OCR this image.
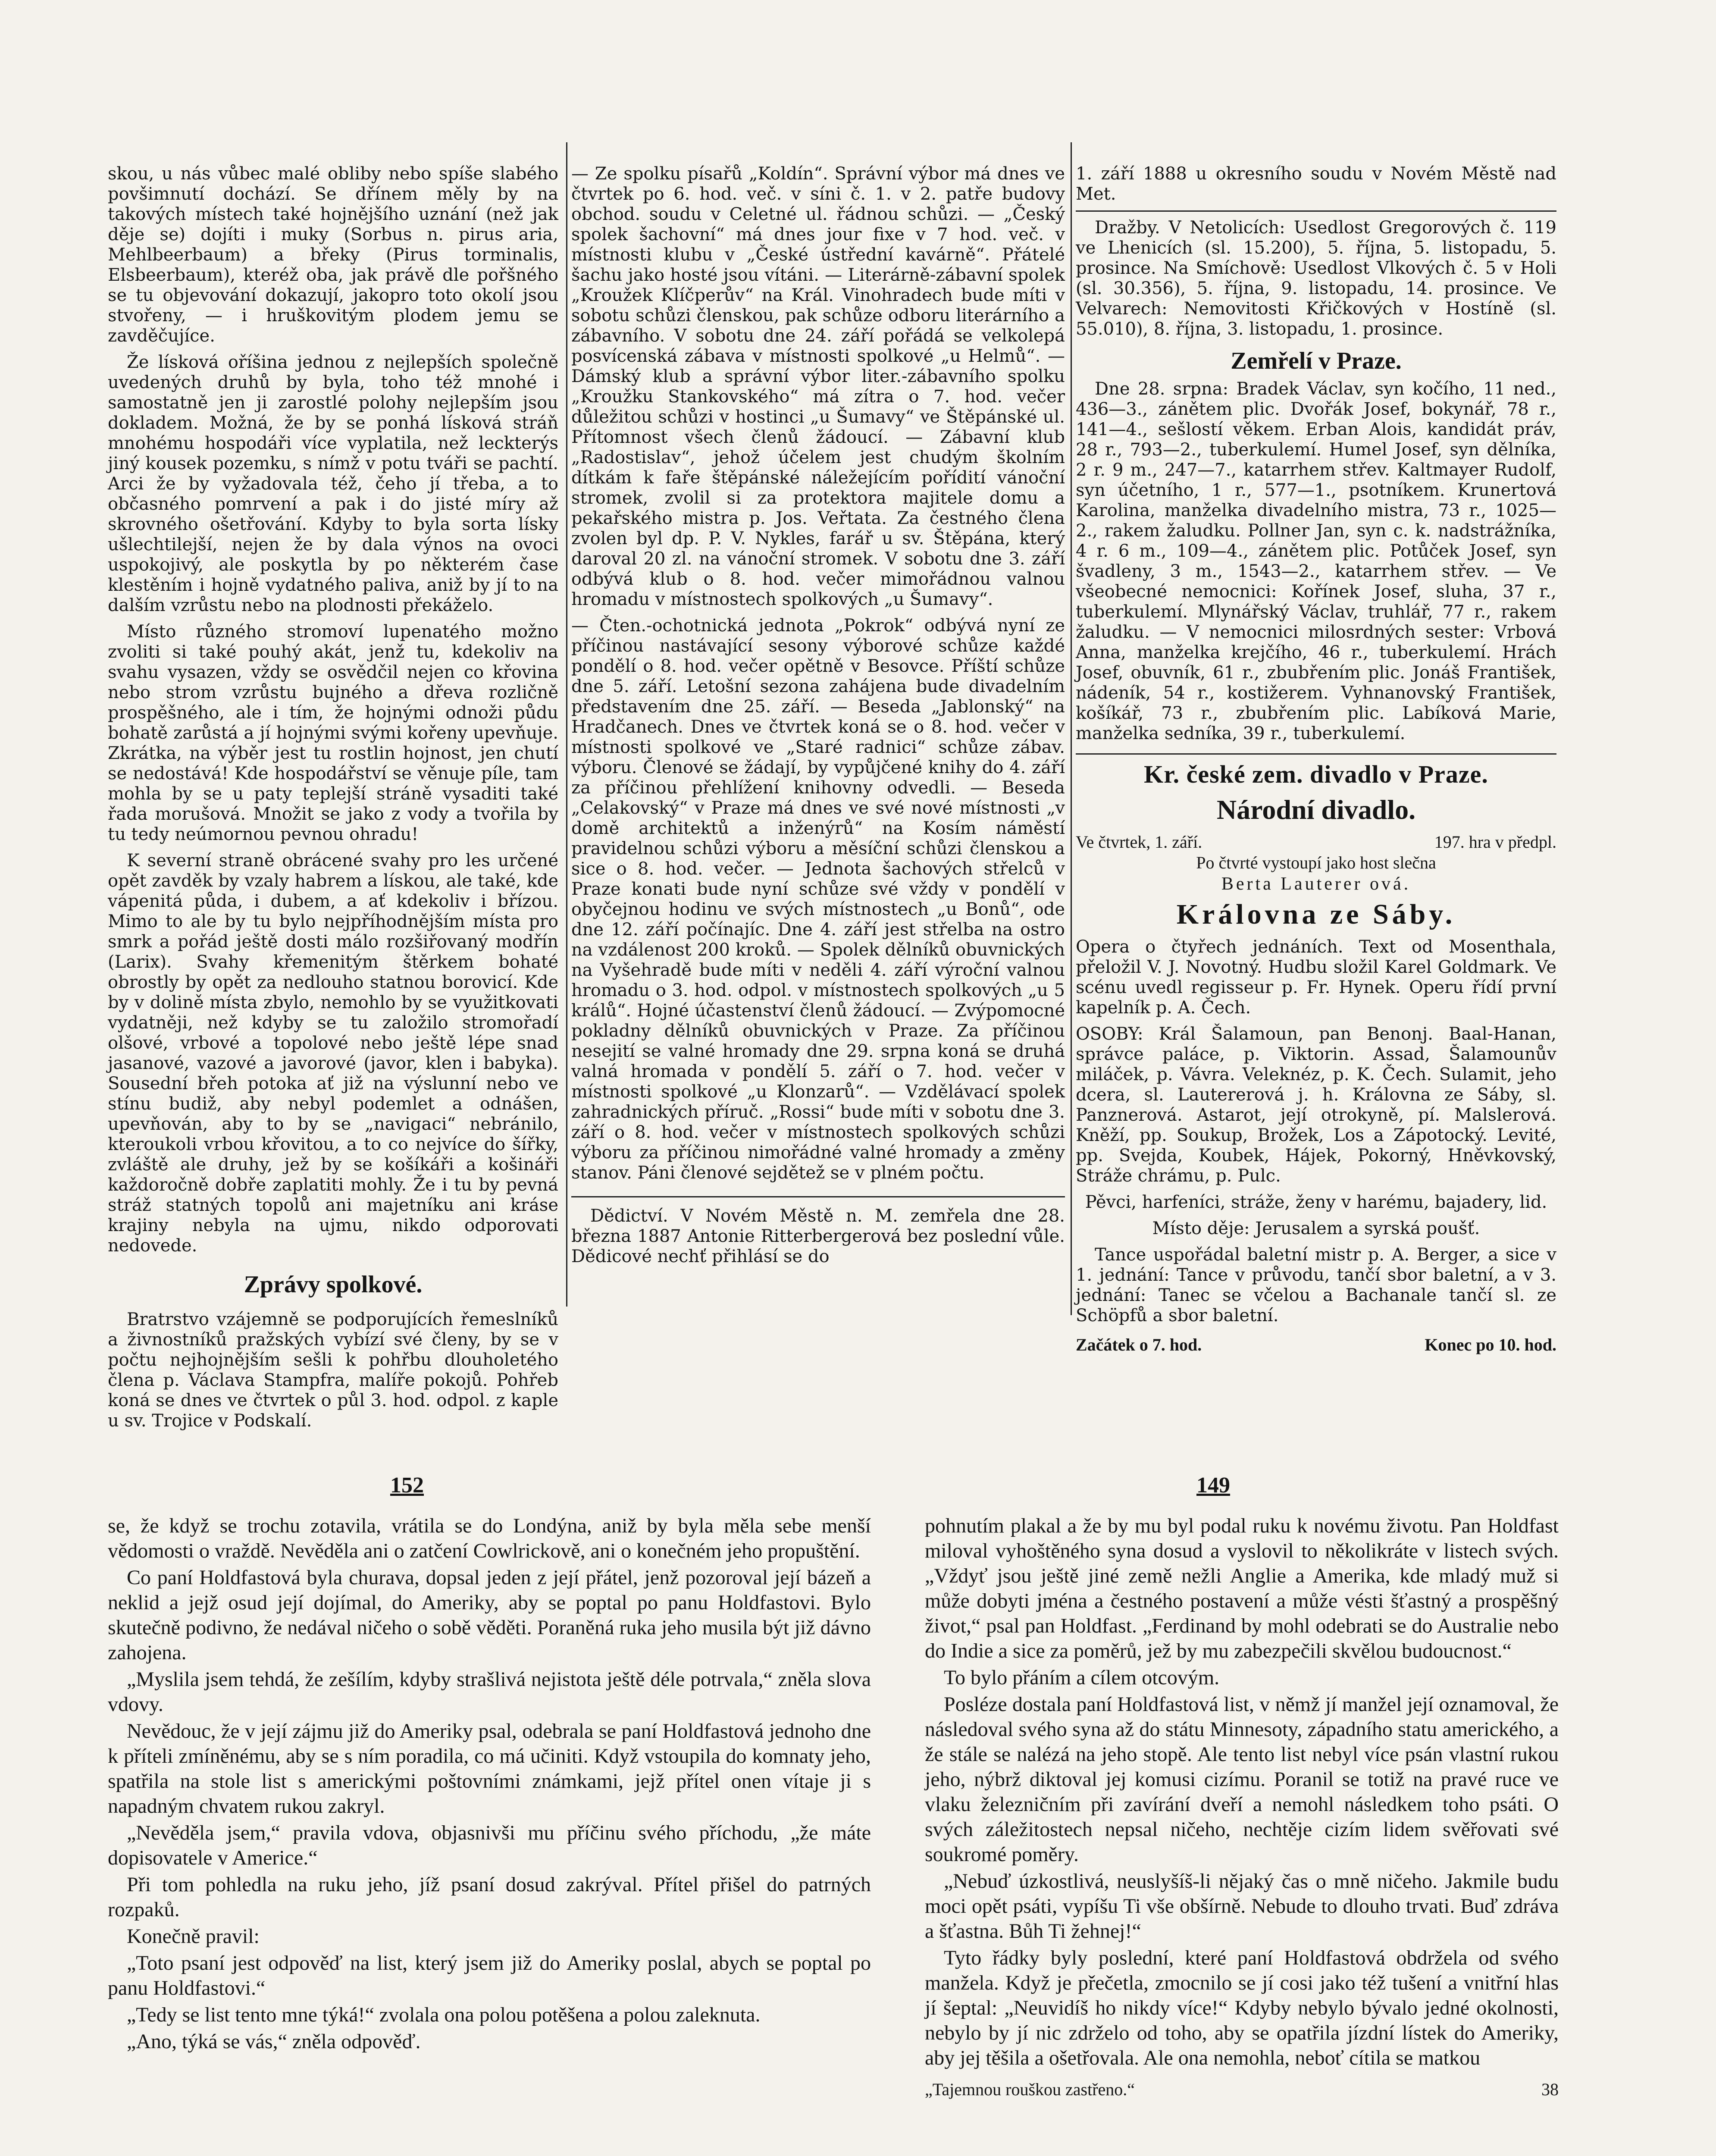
skou, u nás vůbec malé obliby nebo spíše slabého povšimnutí dochází. Se dřínem měly by na takových místech také hojnějšího uznání (než jak děje se) dojíti i muky (Sorbus n. pirus aria, Mehlbeerbaum) a břeky (Pirus torminalis, Elsbeerbaum), kteréž oba, jak právě dle pořšného se tu objevování dokazují, jakopro toto okolí jsou stvořeny, — i hruškovitým plodem jemu se zavděčujíce.

Že lísková oříšina jednou z nejlepších společně uvedených druhů by byla, toho též mnohé i samostatně jen ji zarostlé polohy nejlepším jsou dokladem. Možná, že by se ponhá lísková stráň mnohému hospodáři více vyplatila, než leckterýs jiný kousek pozemku, s nímž v potu tváři se pachtí. Arci že by vyžadovala též, čeho jí třeba, a to občasného pomrvení a pak i do jisté míry až skrovného ošetřování. Kdyby to byla sorta lísky ušlechtilejší, nejen že by dala výnos na ovoci uspokojivý, ale poskytla by po některém čase klestěním i hojně vydatného paliva, aniž by jí to na dalším vzrůstu nebo na plodnosti překáželo.

Místo různého stromoví lupenatého možno zvoliti si také pouhý akát, jenž tu, kdekoliv na svahu vysazen, vždy se osvědčil nejen co křovina nebo strom vzrůstu bujného a dřeva rozličně prospěšného, ale i tím, že hojnými odnoži půdu bohatě zarůstá a jí hojnými svými kořeny upevňuje. Zkrátka, na výběr jest tu rostlin hojnost, jen chutí se nedostává! Kde hospodářství se věnuje píle, tam mohla by se u paty teplejší stráně vysaditi také řada morušová. Množit se jako z vody a tvořila by tu tedy neúmornou pevnou ohradu!

K severní straně obrácené svahy pro les určené opět zavděk by vzaly habrem a lískou, ale také, kde vápenitá půda, i dubem, a ať kdekoliv i břízou. Mimo to ale by tu bylo nejpříhodnějším místa pro smrk a pořád ještě dosti málo rozšiřovaný modřín (Larix). Svahy křemenitým štěrkem bohaté obrostly by opět za nedlouho statnou borovicí. Kde by v dolině místa zbylo, nemohlo by se využitkovati vydatněji, než kdyby se tu založilo stromořadí olšové, vrbové a topolové nebo ještě lépe snad jasanové, vazové a javorové (javor, klen i babyka). Sousední břeh potoka ať již na výslunní nebo ve stínu budiž, aby nebyl podemlet a odnášen, upevňován, aby to by se „navigaci“ nebránilo, kteroukoli vrbou křovitou, a to co nejvíce do šířky, zvláště ale druhy, jež by se košíkáři a košináři každoročně dobře zaplatiti mohly. Že i tu by pevná stráž statných topolů ani majetníku ani kráse krajiny nebyla na ujmu, nikdo odporovati nedovede.

Zprávy spolkové.

Bratrstvo vzájemně se podporujících řemeslníků a živnostníků pražských vybízí své členy, by se v počtu nejhojnějším sešli k pohřbu dlouholetého člena p. Václava Stampfra, malíře pokojů. Pohřeb koná se dnes ve čtvrtek o půl 3. hod. odpol. z kaple u sv. Trojice v Podskalí.

— Ze spolku písařů „Koldín“. Správní výbor má dnes ve čtvrtek po 6. hod. več. v síni č. 1. v 2. patře budovy obchod. soudu v Celetné ul. řádnou schůzi. — „Český spolek šachovní“ má dnes jour fixe v 7 hod. več. v místnosti klubu v „České ústřední kavárně“. Přátelé šachu jako hosté jsou vítáni. — Literárně-zábavní spolek „Kroužek Klíčperův“ na Král. Vinohradech bude míti v sobotu schůzi členskou, pak schůze odboru literárního a zábavního. V sobotu dne 24. září pořádá se velkolepá posvícenská zábava v místnosti spolkové „u Helmů“. — Dámský klub a správní výbor liter.-zábavního spolku „Kroužku Stankovského“ má zítra o 7. hod. večer důležitou schůzi v hostinci „u Šumavy“ ve Štěpánské ul. Přítomnost všech členů žádoucí. — Zábavní klub „Radostislav“, jehož účelem jest chudým školním dítkám k faře štěpánské náležejícím pořídití vánoční stromek, zvolil si za protektora majitele domu a pekařského mistra p. Jos. Veřtata. Za čestného člena zvolen byl dp. P. V. Nykles, farář u sv. Štěpána, který daroval 20 zl. na vánoční stromek. V sobotu dne 3. září odbývá klub o 8. hod. večer mimořádnou valnou hromadu v místnostech spolkových „u Šumavy“.

— Čten.-ochotnická jednota „Pokrok“ odbývá nyní ze příčinou nastávající sesony výborové schůze každé pondělí o 8. hod. večer opětně v Besovce. Příští schůze dne 5. září. Letošní sezona zahájena bude divadelním představením dne 25. září. — Beseda „Jablonský“ na Hradčanech. Dnes ve čtvrtek koná se o 8. hod. večer v místnosti spolkové ve „Staré radnici“ schůze zábav. výboru. Členové se žádají, by vypůjčené knihy do 4. září za příčinou přehlížení knihovny odvedli. — Beseda „Celakovský“ v Praze má dnes ve své nové místnosti „v domě architektů a inženýrů“ na Kosím náměstí pravidelnou schůzi výboru a měsíční schůzi členskou a sice o 8. hod. večer. — Jednota šachových střelců v Praze konati bude nyní schůze své vždy v pondělí v obyčejnou hodinu ve svých místnostech „u Bonů“, ode dne 12. září počínajíc. Dne 4. září jest střelba na ostro na vzdálenost 200 kroků. — Spolek dělníků obuvnických na Vyšehradě bude míti v neděli 4. září výroční valnou hromadu o 3. hod. odpol. v místnostech spolkových „u 5 králů“. Hojné účastenství členů žádoucí. — Zvýpomocné pokladny dělníků obuvnických v Praze. Za příčinou nesejití se valné hromady dne 29. srpna koná se druhá valná hromada v pondělí 5. září o 7. hod. večer v místnosti spolkové „u Klonzarů“. — Vzdělávací spolek zahradnických příruč. „Rossi“ bude míti v sobotu dne 3. září o 8. hod. večer v místnostech spolkových schůzi výboru za příčinou nimořádné valné hromady a změny stanov. Páni členové sejdětež se v plném počtu.

Dědictví. V Novém Městě n. M. zemřela dne 28. března 1887 Antonie Ritterbergerová bez poslední vůle. Dědicové nechť přihlásí se do

1. září 1888 u okresního soudu v Novém Městě nad Met.

Dražby. V Netolicích: Usedlost Gregorových č. 119 ve Lhenicích (sl. 15.200), 5. října, 5. listopadu, 5. prosince. Na Smíchově: Usedlost Vlkových č. 5 v Holi (sl. 30.356), 5. října, 9. listopadu, 14. prosince. Ve Velvarech: Nemovitosti Křičkových v Hostíně (sl. 55.010), 8. října, 3. listopadu, 1. prosince.

Zemřelí v Praze.

Dne 28. srpna: Bradek Václav, syn kočího, 11 ned., 436—3., zánětem plic. Dvořák Josef, bokynář, 78 r., 141—4., sešlostí věkem. Erban Alois, kandidát práv, 28 r., 793—2., tuberkulemí. Humel Josef, syn dělníka, 2 r. 9 m., 247—7., katarrhem střev. Kaltmayer Rudolf, syn účetního, 1 r., 577—1., psotníkem. Krunertová Karolina, manželka divadelního mistra, 73 r., 1025—2., rakem žaludku. Pollner Jan, syn c. k. nadstrážníka, 4 r. 6 m., 109—4., zánětem plic. Potůček Josef, syn švadleny, 3 m., 1543—2., katarrhem střev. — Ve všeobecné nemocnici: Kořínek Josef, sluha, 37 r., tuberkulemí. Mlynářský Václav, truhlář, 77 r., rakem žaludku. — V nemocnici milosrdných sester: Vrbová Anna, manželka krejčího, 46 r., tuberkulemí. Hrách Josef, obuvník, 61 r., zbubřením plic. Jonáš František, nádeník, 54 r., kostižerem. Vyhnanovský František, košíkář, 73 r., zbubřením plic. Labíková Marie, manželka sedníka, 39 r., tuberkulemí.

Kr. české zem. divadlo v Praze.
Národní divadlo.
Ve čtvrtek, 1. září.	197. hra v předpl.
Po čtvrté vystoupí jako host slečna
Berta Lauterer ová.
Královna ze Sáby.

Opera o čtyřech jednáních. Text od Mosenthala, přeložil V. J. Novotný. Hudbu složil Karel Goldmark. Ve scénu uvedl regisseur p. Fr. Hynek. Operu řídí první kapelník p. A. Čech.

OSOBY: Král Šalamoun, pan Benonj. Baal-Hanan, správce paláce, p. Viktorin. Assad, Šalamounův miláček, p. Vávra. Veleknéz, p. K. Čech. Sulamit, jeho dcera, sl. Lautererová j. h. Královna ze Sáby, sl. Panznerová. Astarot, její otrokyně, pí. Malslerová. Kněží, pp. Soukup, Brožek, Los a Zápotocký. Levité, pp. Svejda, Koubek, Hájek, Pokorný, Hněvkovský, Stráže chrámu, p. Pulc.

Pěvci, harfeníci, stráže, ženy v harému, bajadery, lid.

Místo děje: Jerusalem a syrská poušť.

Tance uspořádal baletní mistr p. A. Berger, a sice v 1. jednání: Tance v průvodu, tančí sbor baletní, a v 3. jednání: Tanec se včelou a Bachanale tančí sl. ze Schöpfů a sbor baletní.

Začátek o 7. hod.	Konec po 10. hod.
152	149

se, že když se trochu zotavila, vrátila se do Londýna, aniž by byla měla sebe menší vědomosti o vraždě. Nevěděla ani o zatčení Cowlrickově, ani o konečném jeho propuštění.

Co paní Holdfastová byla churava, dopsal jeden z její přátel, jenž pozoroval její bázeň a neklid a jejž osud její dojímal, do Ameriky, aby se poptal po panu Holdfastovi. Bylo skutečně podivno, že nedával ničeho o sobě věděti. Poraněná ruka jeho musila být již dávno zahojena.

„Myslila jsem tehdá, že zešílím, kdyby strašlivá nejistota ještě déle potrvala,“ zněla slova vdovy.

Nevědouc, že v její zájmu již do Ameriky psal, odebrala se paní Holdfastová jednoho dne k příteli zmíněnému, aby se s ním poradila, co má učiniti. Když vstoupila do komnaty jeho, spatřila na stole list s americkými poštovními známkami, jejž přítel onen vítaje ji s napadným chvatem rukou zakryl.

„Nevěděla jsem,“ pravila vdova, objasnivši mu příčinu svého příchodu, „že máte dopisovatele v Americe.“

Při tom pohledla na ruku jeho, jíž psaní dosud zakrýval. Přítel přišel do patrných rozpaků.

Konečně pravil:

„Toto psaní jest odpověď na list, který jsem již do Ameriky poslal, abych se poptal po panu Holdfastovi.“

„Tedy se list tento mne týká!“ zvolala ona polou potěšena a polou zaleknuta.

„Ano, týká se vás,“ zněla odpověď.

pohnutím plakal a že by mu byl podal ruku k novému životu. Pan Holdfast miloval vyhoštěného syna dosud a vyslovil to několikráte v listech svých. „Vždyť jsou ještě jiné země nežli Anglie a Amerika, kde mladý muž si může dobyti jména a čestného postavení a může vésti šťastný a prospěšný život,“ psal pan Holdfast. „Ferdinand by mohl odebrati se do Australie nebo do Indie a sice za poměrů, jež by mu zabezpečili skvělou budoucnost.“

To bylo přáním a cílem otcovým.

Posléze dostala paní Holdfastová list, v němž jí manžel její oznamoval, že následoval svého syna až do státu Minnesoty, západního statu amerického, a že stále se nalézá na jeho stopě. Ale tento list nebyl více psán vlastní rukou jeho, nýbrž diktoval jej komusi cizímu. Poranil se totiž na pravé ruce ve vlaku železničním při zavírání dveří a nemohl následkem toho psáti. O svých záležitostech nepsal ničeho, nechtěje cizím lidem svěřovati své soukromé poměry.

„Nebuď úzkostlivá, neuslyšíš-li nějaký čas o mně ničeho. Jakmile budu moci opět psáti, vypíšu Ti vše obšírně. Nebude to dlouho trvati. Buď zdráva a šťastna. Bůh Ti žehnej!“

Tyto řádky byly poslední, které paní Holdfastová obdržela od svého manžela. Když je přečetla, zmocnilo se jí cosi jako též tušení a vnitřní hlas jí šeptal: „Neuvidíš ho nikdy více!“ Kdyby nebylo bývalo jedné okolnosti, nebylo by jí nic zdrželo od toho, aby se opatřila jízdní lístek do Ameriky, aby jej těšila a ošetřovala. Ale ona nemohla, neboť cítila se matkou

„Tajemnou rouškou zastřeno.“	38
